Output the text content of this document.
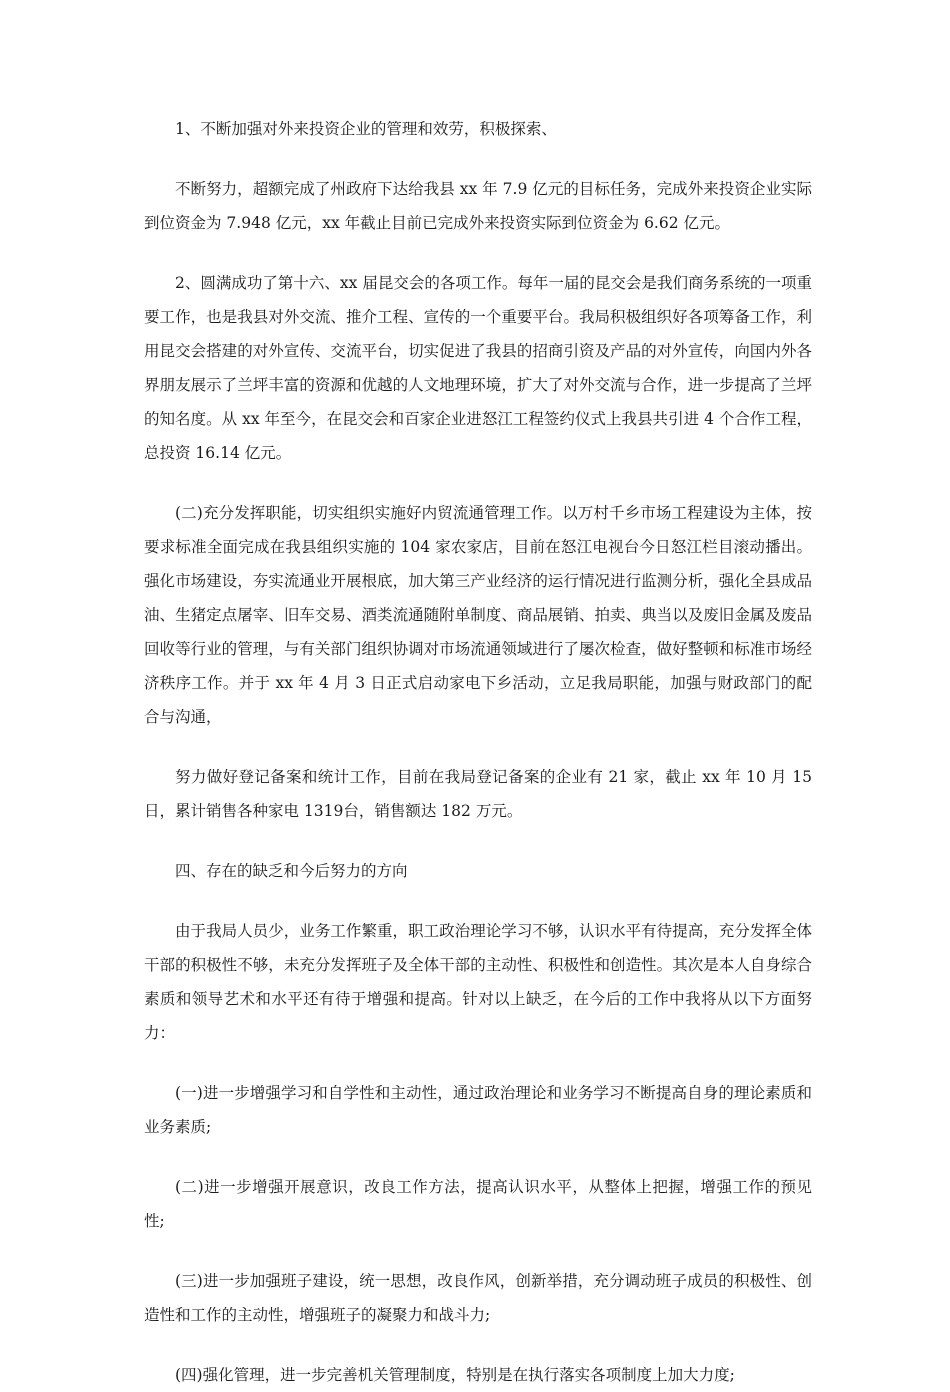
1、不断加强对外来投资企业的管理和效劳，积极探索、

不断努力，超额完成了州政府下达给我县 xx 年 7.9 亿元的目标任务，完成外来投资企业实际到位资金为 7.948 亿元，xx 年截止目前已完成外来投资实际到位资金为 6.62 亿元。

2、圆满成功了第十六、xx 届昆交会的各项工作。每年一届的昆交会是我们商务系统的一项重要工作，也是我县对外交流、推介工程、宣传的一个重要平台。我局积极组织好各项筹备工作，利用昆交会搭建的对外宣传、交流平台，切实促进了我县的招商引资及产品的对外宣传，向国内外各界朋友展示了兰坪丰富的资源和优越的人文地理环境，扩大了对外交流与合作，进一步提高了兰坪的知名度。从 xx 年至今，在昆交会和百家企业进怒江工程签约仪式上我县共引进 4 个合作工程，总投资 16.14 亿元。

(二)充分发挥职能，切实组织实施好内贸流通管理工作。以万村千乡市场工程建设为主体，按要求标准全面完成在我县组织实施的 104 家农家店，目前在怒江电视台今日怒江栏目滚动播出。强化市场建设，夯实流通业开展根底，加大第三产业经济的运行情况进行监测分析，强化全县成品油、生猪定点屠宰、旧车交易、酒类流通随附单制度、商品展销、拍卖、典当以及废旧金属及废品回收等行业的管理，与有关部门组织协调对市场流通领域进行了屡次检查，做好整顿和标准市场经济秩序工作。并于 xx 年 4 月 3 日正式启动家电下乡活动，立足我局职能，加强与财政部门的配合与沟通，

努力做好登记备案和统计工作，目前在我局登记备案的企业有 21 家，截止 xx 年 10 月 15 日，累计销售各种家电 1319台，销售额达 182 万元。

四、存在的缺乏和今后努力的方向

由于我局人员少，业务工作繁重，职工政治理论学习不够，认识水平有待提高，充分发挥全体干部的积极性不够，未充分发挥班子及全体干部的主动性、积极性和创造性。其次是本人自身综合素质和领导艺术和水平还有待于增强和提高。针对以上缺乏，在今后的工作中我将从以下方面努力：

(一)进一步增强学习和自学性和主动性，通过政治理论和业务学习不断提高自身的理论素质和业务素质;

(二)进一步增强开展意识，改良工作方法，提高认识水平，从整体上把握，增强工作的预见性;

(三)进一步加强班子建设，统一思想，改良作风，创新举措，充分调动班子成员的积极性、创造性和工作的主动性，增强班子的凝聚力和战斗力;

(四)强化管理，进一步完善机关管理制度，特别是在执行落实各项制度上加大力度;
